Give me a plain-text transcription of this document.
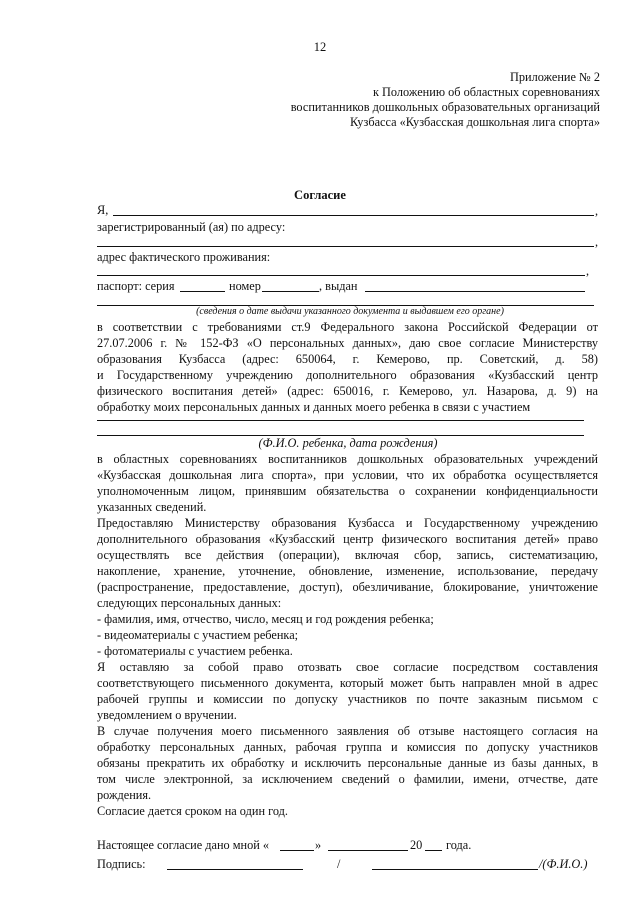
12
Приложение № 2
к Положению об областных соревнованиях
воспитанников дошкольных образовательных организаций
Кузбасса «Кузбасская дошкольная лига спорта»
Согласие
Я,	,
зарегистрированный (ая) по адресу:
,
адрес фактического проживания:
,
паспорт: серия	номер	, выдан
(сведения о дате выдачи указанного документа и выдавшем его органе)
в соответствии с требованиями ст.9 Федерального закона Российской Федерации от
27.07.2006 г. № 152-ФЗ «О персональных данных», даю свое согласие Министерству
образования Кузбасса (адрес: 650064, г. Кемерово, пр. Советский, д. 58)
и Государственному учреждению дополнительного образования «Кузбасский центр
физического воспитания детей» (адрес: 650016, г. Кемерово, ул. Назарова, д. 9) на
обработку моих персональных данных и данных моего ребенка в связи с участием
(Ф.И.О. ребенка, дата рождения)
в областных соревнованиях воспитанников дошкольных образовательных учреждений
«Кузбасская дошкольная лига спорта», при условии, что их обработка осуществляется
уполномоченным лицом, принявшим обязательства о сохранении конфиденциальности
указанных сведений.
Предоставляю Министерству образования Кузбасса и Государственному учреждению
дополнительного образования «Кузбасский центр физического воспитания детей» право
осуществлять все действия (операции), включая сбор, запись, систематизацию,
накопление, хранение, уточнение, обновление, изменение, использование, передачу
(распространение, предоставление, доступ), обезличивание, блокирование, уничтожение
следующих персональных данных:
- фамилия, имя, отчество, число, месяц и год рождения ребенка;
- видеоматериалы с участием ребенка;
- фотоматериалы с участием ребенка.
Я оставляю за собой право отозвать свое согласие посредством составления
соответствующего письменного документа, который может быть направлен мной в адрес
рабочей группы и комиссии по допуску участников по почте заказным письмом с
уведомлением о вручении.
В случае получения моего письменного заявления об отзыве настоящего согласия на
обработку персональных данных, рабочая группа и комиссия по допуску участников
обязаны прекратить их обработку и исключить персональные данные из базы данных, в
том числе электронной, за исключением сведений о фамилии, имени, отчестве, дате
рождения.
Согласие дается сроком на один год.
Настоящее согласие дано мной «	»	20 года.
Подпись:	/	/(Ф.И.О.)
